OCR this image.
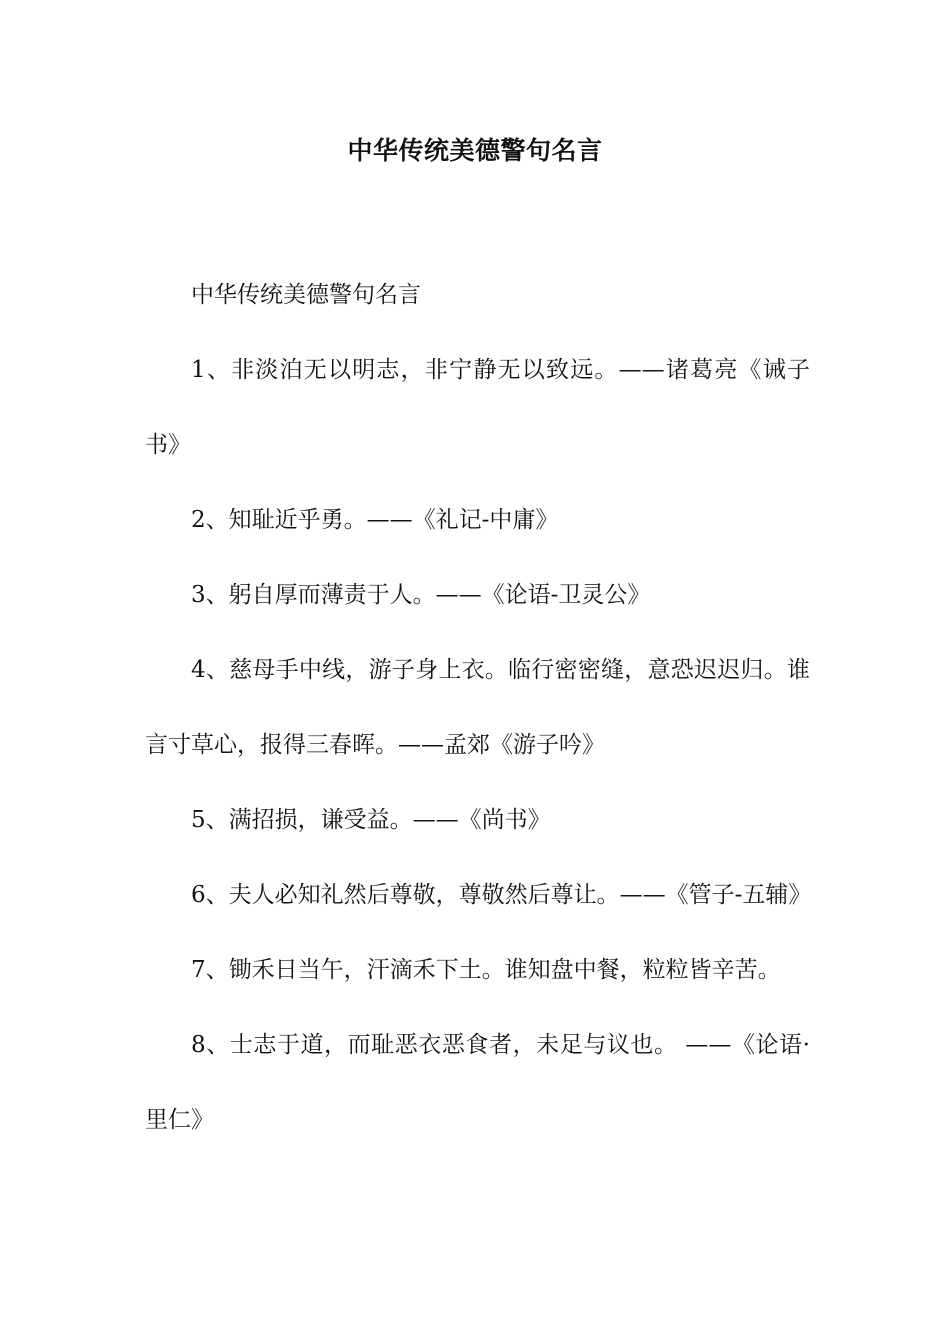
中华传统美德警句名言

中华传统美德警句名言

1、非淡泊无以明志，非宁静无以致远。——诸葛亮《诫子书》

2、知耻近乎勇。——《礼记-中庸》

3、躬自厚而薄责于人。——《论语-卫灵公》

4、慈母手中线，游子身上衣。临行密密缝，意恐迟迟归。谁言寸草心，报得三春晖。——孟郊《游子吟》

5、满招损，谦受益。——《尚书》

6、夫人必知礼然后尊敬，尊敬然后尊让。——《管子-五辅》

7、锄禾日当午，汗滴禾下土。谁知盘中餐，粒粒皆辛苦。

8、士志于道，而耻恶衣恶食者，未足与议也。 ——《论语·里仁》
